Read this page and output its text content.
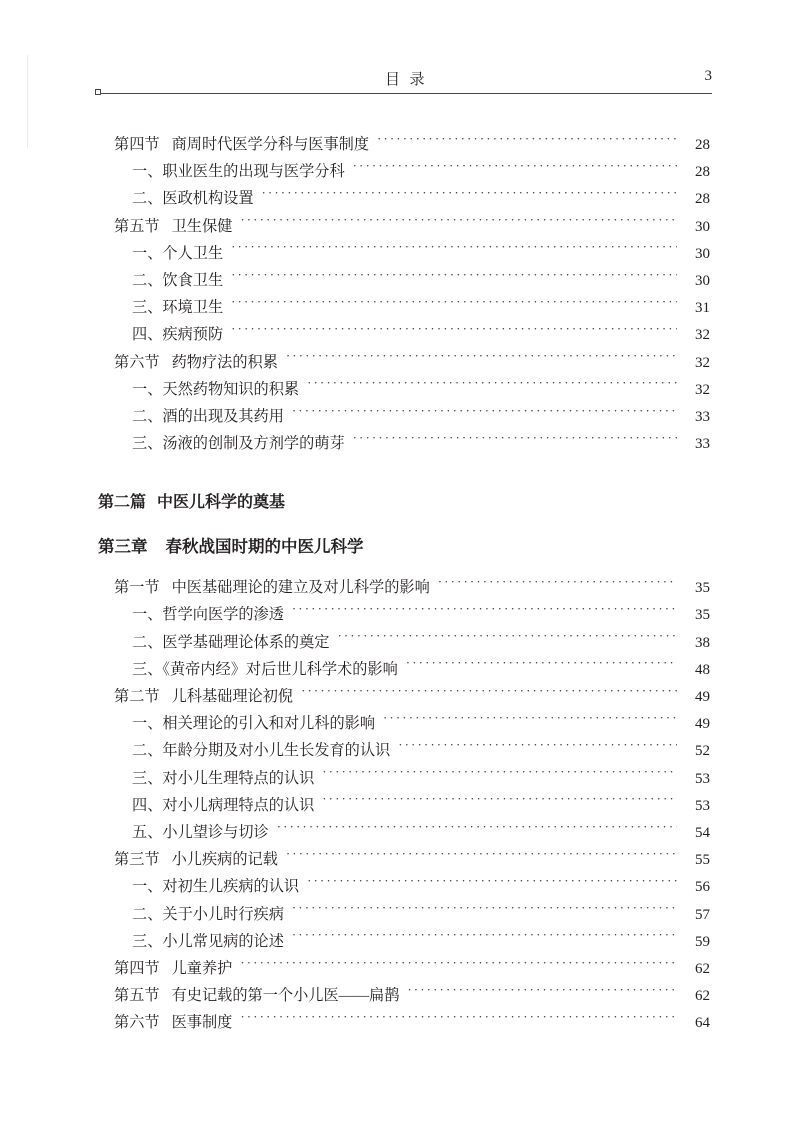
目 录	3
第四节 商周时代医学分科与医事制度 ·····	28
一、职业医生的出现与医学分科 ·····	28
二、医政机构设置 ·····	28
第五节 卫生保健 ·····	30
一、个人卫生 ·····	30
二、饮食卫生 ·····	30
三、环境卫生 ·····	31
四、疾病预防 ·····	32
第六节 药物疗法的积累 ·····	32
一、天然药物知识的积累 ·····	32
二、酒的出现及其药用 ·····	33
三、汤液的创制及方剂学的萌芽 ·····	33
第二篇 中医儿科学的奠基
第三章 春秋战国时期的中医儿科学
第一节 中医基础理论的建立及对儿科学的影响 ·····	35
一、哲学向医学的渗透 ·····	35
二、医学基础理论体系的奠定 ·····	38
三、《黄帝内经》对后世儿科学术的影响 ·····	48
第二节 儿科基础理论初倪 ·····	49
一、相关理论的引入和对儿科的影响 ·····	49
二、年龄分期及对小儿生长发育的认识 ·····	52
三、对小儿生理特点的认识 ·····	53
四、对小儿病理特点的认识 ·····	53
五、小儿望诊与切诊 ·····	54
第三节 小儿疾病的记载 ·····	55
一、对初生儿疾病的认识 ·····	56
二、关于小儿时行疾病 ·····	57
三、小儿常见病的论述 ·····	59
第四节 儿童养护 ·····	62
第五节 有史记载的第一个小儿医——扁鹊 ·····	62
第六节 医事制度 ·····	64
